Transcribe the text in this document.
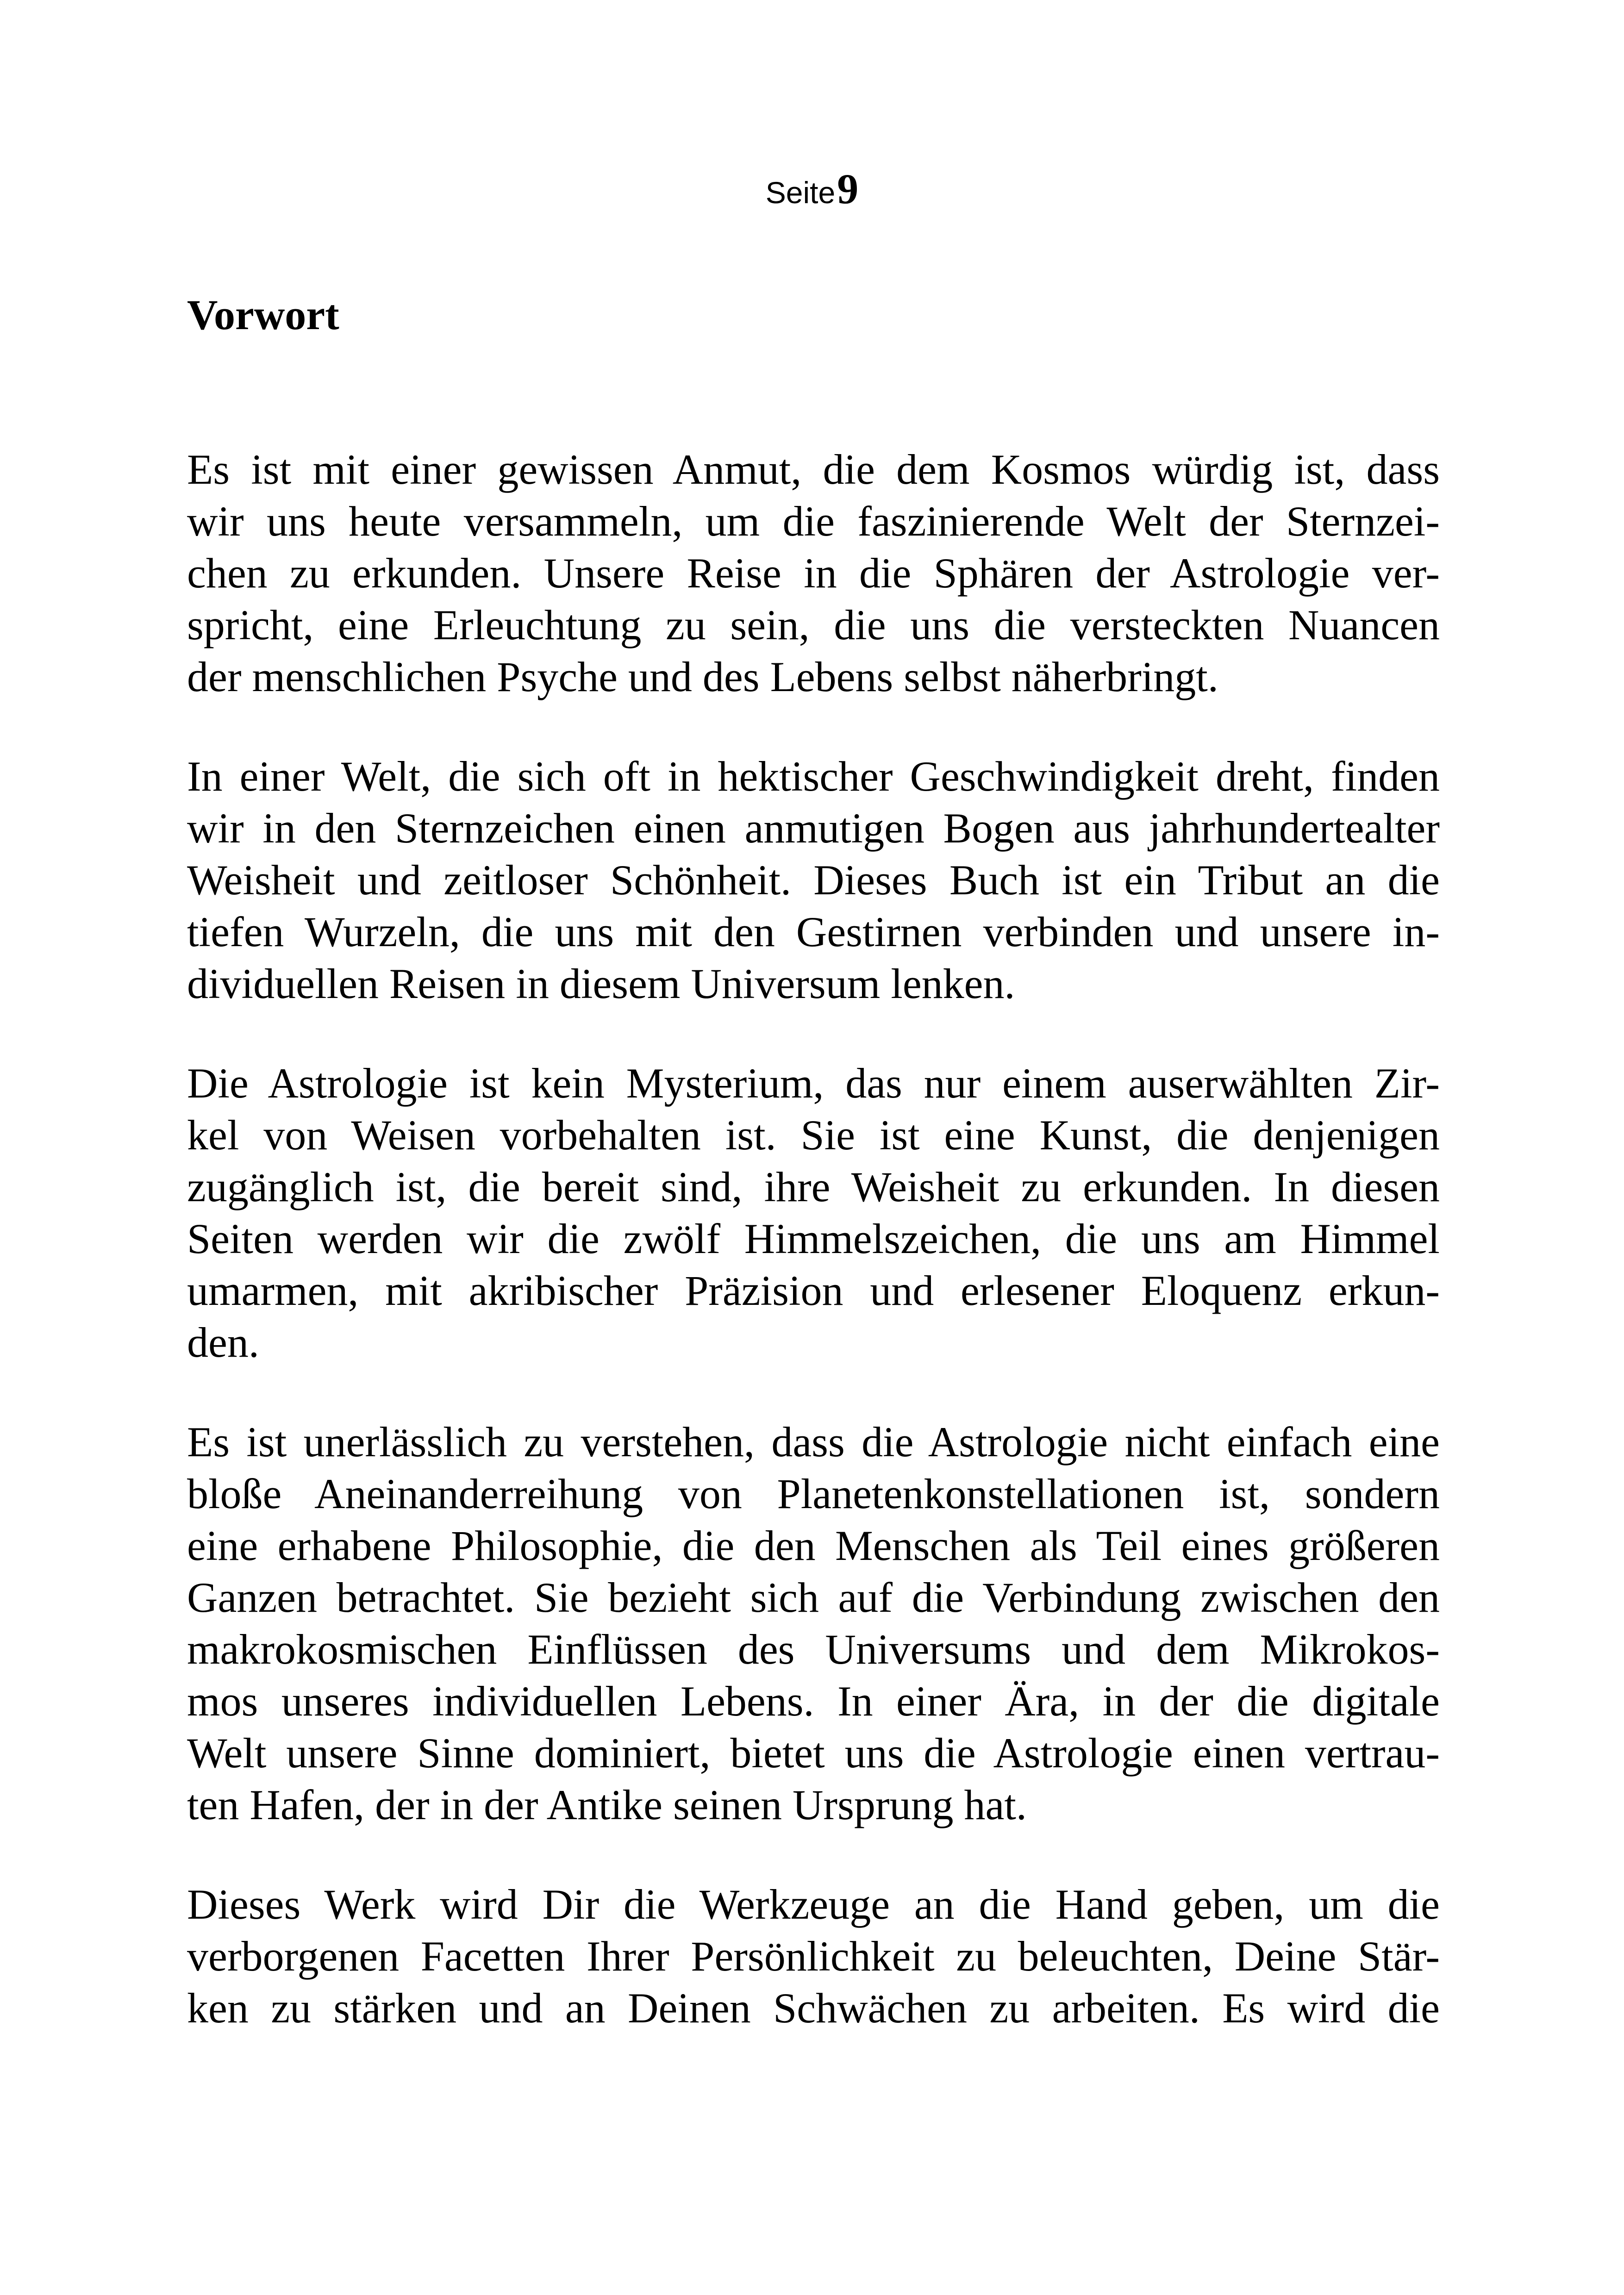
Seite 9
Vorwort
Es ist mit einer gewissen Anmut, die dem Kosmos würdig ist, dass
wir uns heute versammeln, um die faszinierende Welt der Sternzei-
chen zu erkunden. Unsere Reise in die Sphären der Astrologie ver-
spricht, eine Erleuchtung zu sein, die uns die versteckten Nuancen
der menschlichen Psyche und des Lebens selbst näherbringt.
In einer Welt, die sich oft in hektischer Geschwindigkeit dreht, finden
wir in den Sternzeichen einen anmutigen Bogen aus jahrhundertealter
Weisheit und zeitloser Schönheit. Dieses Buch ist ein Tribut an die
tiefen Wurzeln, die uns mit den Gestirnen verbinden und unsere in-
dividuellen Reisen in diesem Universum lenken.
Die Astrologie ist kein Mysterium, das nur einem auserwählten Zir-
kel von Weisen vorbehalten ist. Sie ist eine Kunst, die denjenigen
zugänglich ist, die bereit sind, ihre Weisheit zu erkunden. In diesen
Seiten werden wir die zwölf Himmelszeichen, die uns am Himmel
umarmen, mit akribischer Präzision und erlesener Eloquenz erkun-
den.
Es ist unerlässlich zu verstehen, dass die Astrologie nicht einfach eine
bloße Aneinanderreihung von Planetenkonstellationen ist, sondern
eine erhabene Philosophie, die den Menschen als Teil eines größeren
Ganzen betrachtet. Sie bezieht sich auf die Verbindung zwischen den
makrokosmischen Einflüssen des Universums und dem Mikrokos-
mos unseres individuellen Lebens. In einer Ära, in der die digitale
Welt unsere Sinne dominiert, bietet uns die Astrologie einen vertrau-
ten Hafen, der in der Antike seinen Ursprung hat.
Dieses Werk wird Dir die Werkzeuge an die Hand geben, um die
verborgenen Facetten Ihrer Persönlichkeit zu beleuchten, Deine Stär-
ken zu stärken und an Deinen Schwächen zu arbeiten. Es wird die
